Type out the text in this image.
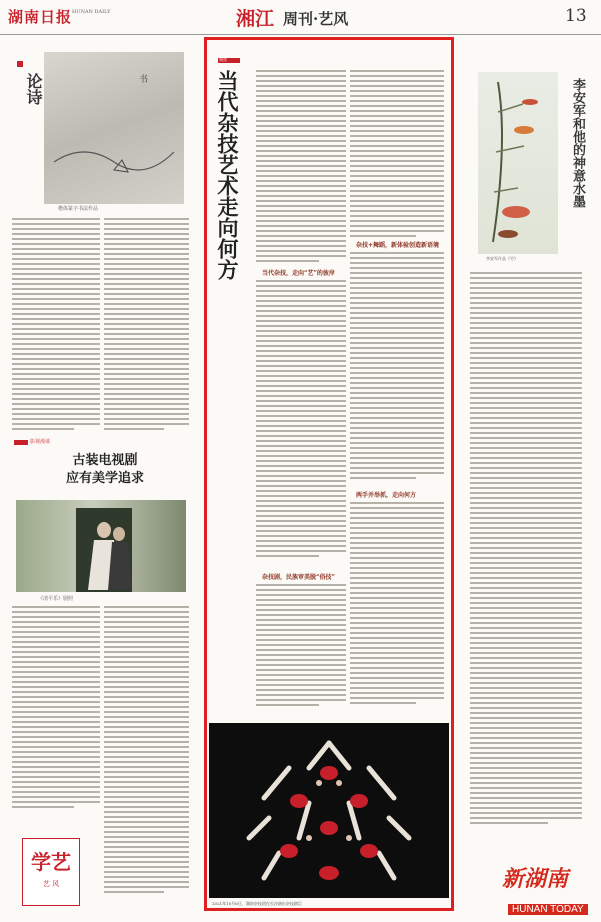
湖南日报 HUNAN DAILY	湘江 周刊·艺风	13
论诗	书
楷体篆字书法作品
影视漫谈
古装电视剧
应有美学追求
《清平乐》剧照
学艺
艺 风
聚焦
当代杂技艺术走向何方	当代杂技，走向“艺”的彼岸
杂技剧，民族审美脱“俗技”
杂技+舞蹈，新体验创造新语境
两手并举抓，走向何方
2021年10月6日，湖南杂技团在长沙演出杂技剧目
李安军作品《竹》
李安军和他的神意水墨
新湖南
HUNAN TODAY
